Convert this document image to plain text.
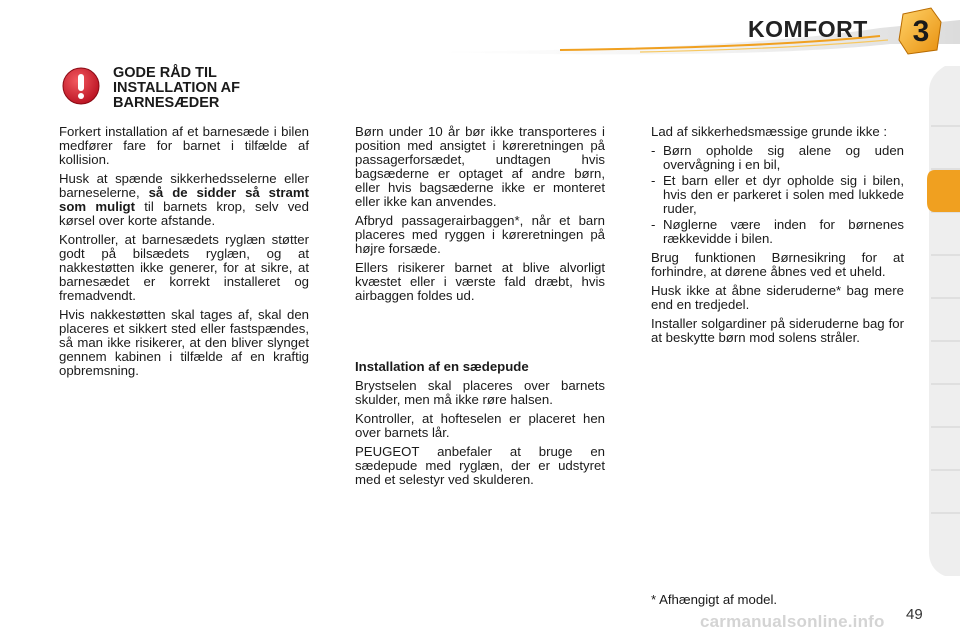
KOMFORT	3
GODE RÅD TIL
INSTALLATION AF
BARNESÆDER

Forkert installation af et barnesæde i bilen medfører fare for barnet i tilfælde af kollision.

Husk at spænde sikkerhedsselerne eller barneselerne, så de sidder så stramt som muligt til barnets krop, selv ved kørsel over korte afstande.

Kontroller, at barnesædets ryglæn støtter godt på bilsædets ryglæn, og at nakkestøtten ikke generer, for at sikre, at barnesædet er korrekt installeret og fremadvendt.

Hvis nakkestøtten skal tages af, skal den placeres et sikkert sted eller fastspændes, så man ikke risikerer, at den bliver slynget gennem kabinen i tilfælde af en kraftig opbremsning.

Børn under 10 år bør ikke transporteres i position med ansigtet i køreretningen på passagerforsædet, undtagen hvis bagsæderne er optaget af andre børn, eller hvis bagsæderne ikke er monteret eller ikke kan anvendes.

Afbryd passagerairbaggen*, når et barn placeres med ryggen i køreretningen på højre forsæde.

Ellers risikerer barnet at blive alvorligt kvæstet eller i værste fald dræbt, hvis airbaggen foldes ud.

Installation af en sædepude

Brystselen skal placeres over barnets skulder, men må ikke røre halsen.

Kontroller, at hofteselen er placeret hen over barnets lår.

PEUGEOT anbefaler at bruge en sædepude med ryglæn, der er udstyret med et selestyr ved skulderen.

Lad af sikkerhedsmæssige grunde ikke :

- Børn opholde sig alene og uden overvågning i en bil,
- Et barn eller et dyr opholde sig i bilen, hvis den er parkeret i solen med lukkede ruder,
- Nøglerne være inden for børnenes rækkevidde i bilen.

Brug funktionen Børnesikring for at forhindre, at dørene åbnes ved et uheld.

Husk ikke at åbne sideruderne* bag mere end en tredjedel.

Installer solgardiner på sideruderne bag for at beskytte børn mod solens stråler.

* Afhængigt af model.
carmanualsonline.info 49
